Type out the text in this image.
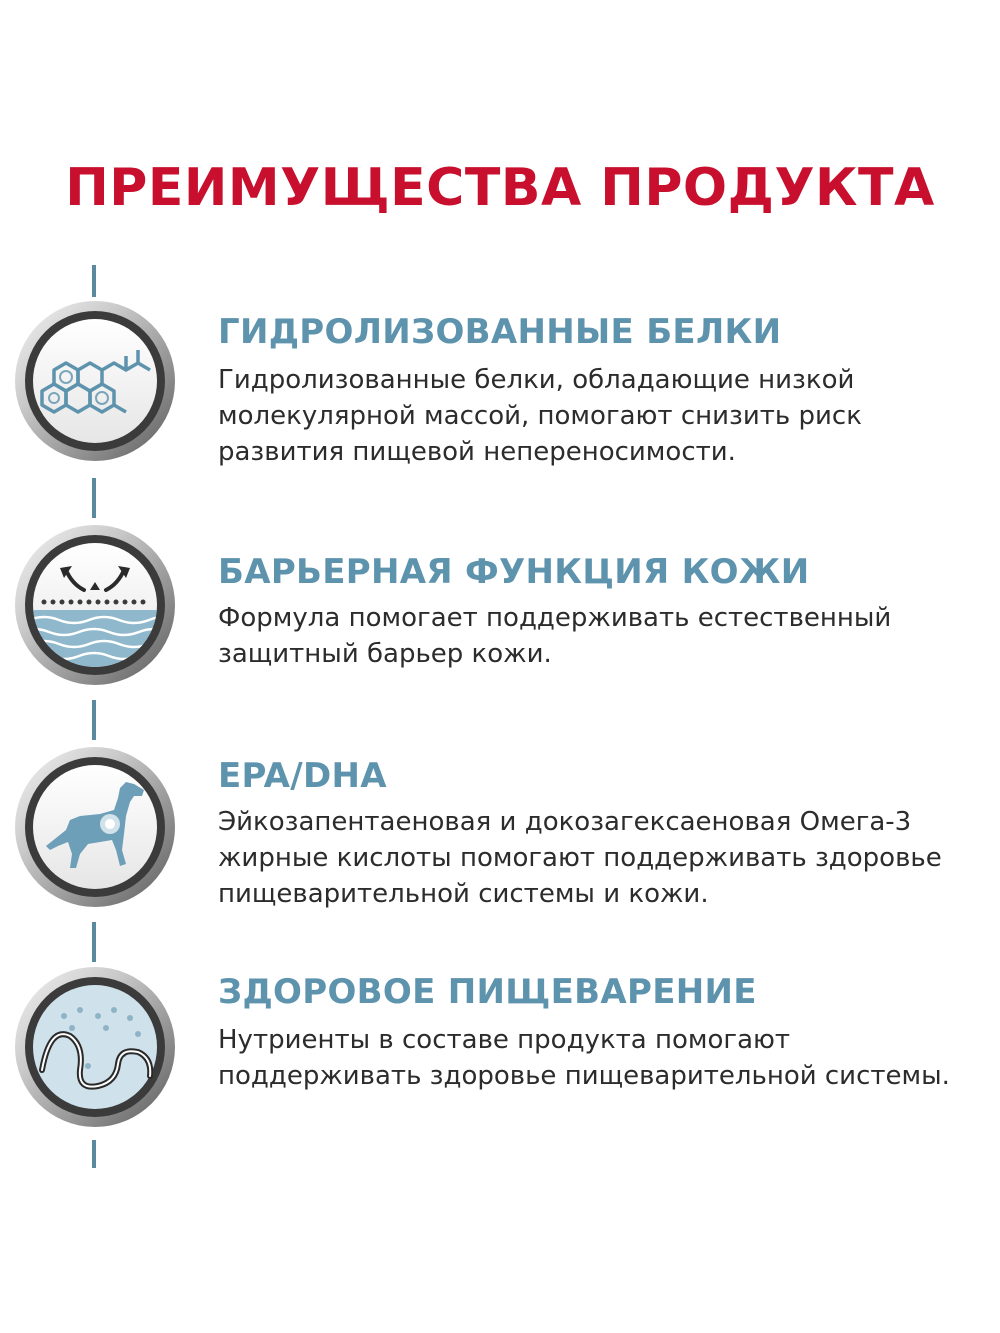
ПРЕИМУЩЕСТВА ПРОДУКТА
ГИДРОЛИЗОВАННЫЕ БЕЛКИ
Гидролизованные белки, обладающие низкой молекулярной массой, помогают снизить риск развития пищевой непереносимости.
БАРЬЕРНАЯ ФУНКЦИЯ КОЖИ
Формула помогает поддерживать естественный защитный барьер кожи.
EPA/DHA
Эйкозапентаеновая и докозагексаеновая Омега-3 жирные кислоты помогают поддерживать здоровье пищеварительной системы и кожи.
ЗДОРОВОЕ ПИЩЕВАРЕНИЕ
Нутриенты в составе продукта помогают поддерживать здоровье пищеварительной системы.
